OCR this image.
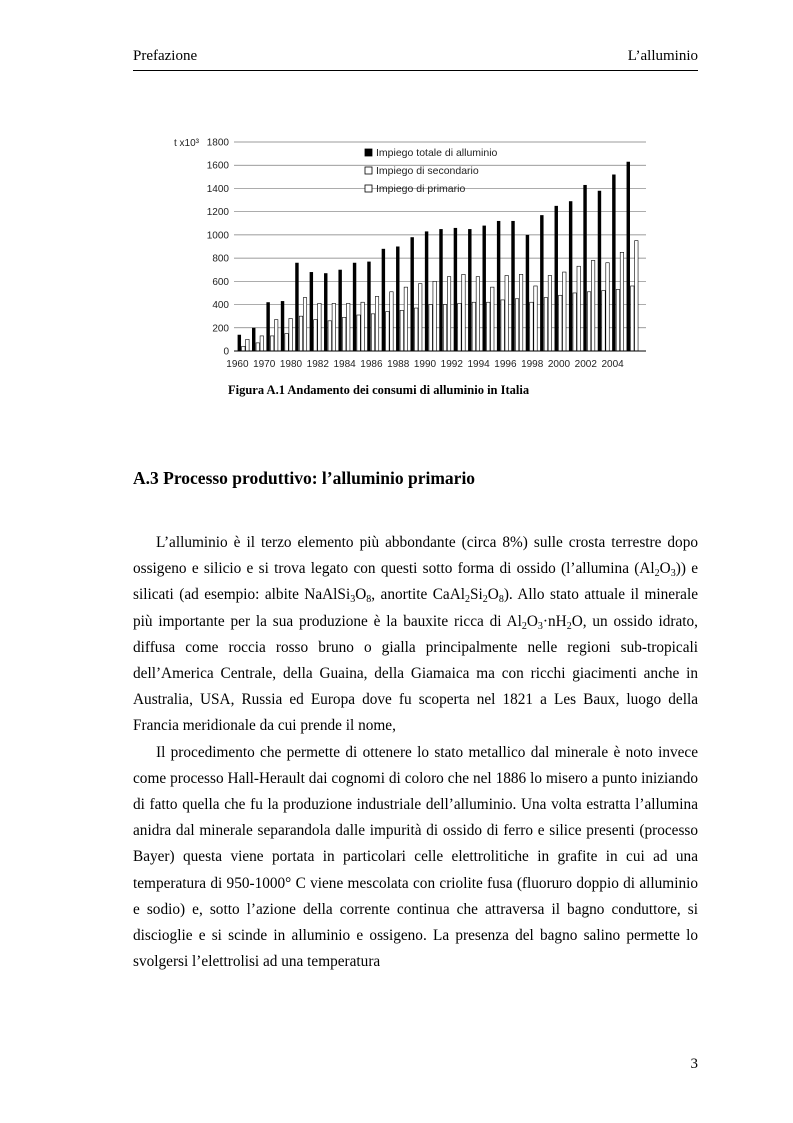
Prefazione	L’alluminio
0
200
400
600
800
1000
1200
1400
1600
1800
t x10³
1960 1970 1980 1982 1984 1986 1988 1990 1992 1994 1996 1998 2000 2002 2004
Impiego totale di alluminio
Impiego di secondario
Impiego di primario
Figura A.1 Andamento dei consumi di alluminio in Italia
A.3 Processo produttivo: l’alluminio primario

L’alluminio è il terzo elemento più abbondante (circa 8%) sulle crosta terrestre dopo ossigeno e silicio e si trova legato con questi sotto forma di ossido (l’allumina $(Al_2O_3)$) e silicati (ad esempio: albite $NaAlSi_3O_8$, anortite $CaAl_2Si_2O_8$). Allo stato attuale il minerale più importante per la sua produzione è la bauxite ricca di $Al_2O_3\cdot nH_2O$, un ossido idrato, diffusa come roccia rosso bruno o gialla principalmente nelle regioni sub-tropicali dell’America Centrale, della Guaina, della Giamaica ma con ricchi giacimenti anche in Australia, USA, Russia ed Europa dove fu scoperta nel 1821 a Les Baux, luogo della Francia meridionale da cui prende il nome,

Il procedimento che permette di ottenere lo stato metallico dal minerale è noto invece come processo Hall-Herault dai cognomi di coloro che nel 1886 lo misero a punto iniziando di fatto quella che fu la produzione industriale dell’alluminio. Una volta estratta l’allumina anidra dal minerale separandola dalle impurità di ossido di ferro e silice presenti (processo Bayer) questa viene portata in particolari celle elettrolitiche in grafite in cui ad una temperatura di 950-1000° C viene mescolata con criolite fusa (fluoruro doppio di alluminio e sodio) e, sotto l’azione della corrente continua che attraversa il bagno conduttore, si discioglie e si scinde in alluminio e ossigeno. La presenza del bagno salino permette lo svolgersi l’elettrolisi ad una temperatura

3
